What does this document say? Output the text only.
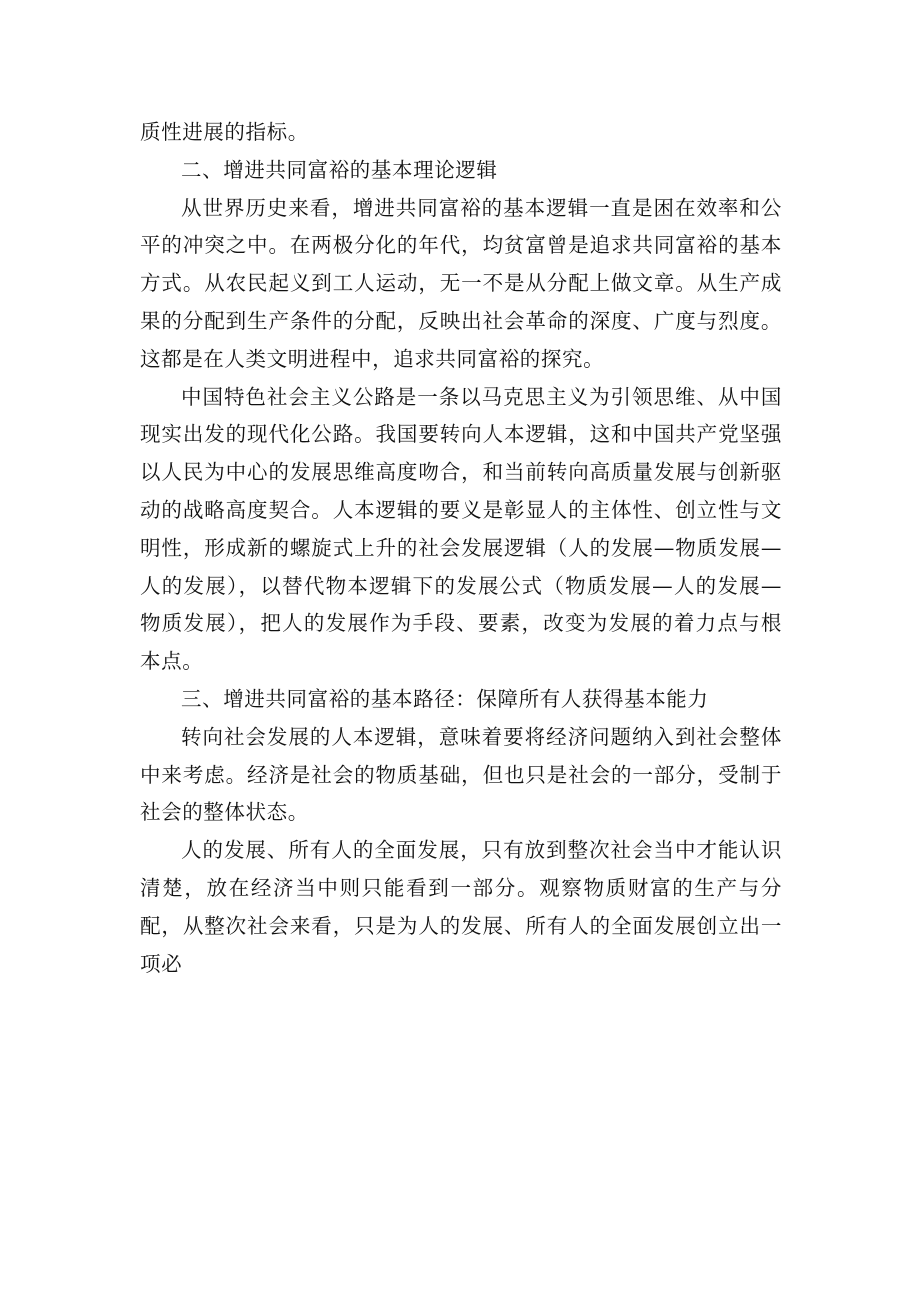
质性进展的指标。

二、增进共同富裕的基本理论逻辑

从世界历史来看，增进共同富裕的基本逻辑一直是困在效率和公平的冲突之中。在两极分化的年代，均贫富曾是追求共同富裕的基本方式。从农民起义到工人运动，无一不是从分配上做文章。从生产成果的分配到生产条件的分配，反映出社会革命的深度、广度与烈度。这都是在人类文明进程中，追求共同富裕的探究。

中国特色社会主义公路是一条以马克思主义为引领思维、从中国现实出发的现代化公路。我国要转向人本逻辑，这和中国共产党坚强以人民为中心的发展思维高度吻合，和当前转向高质量发展与创新驱动的战略高度契合。人本逻辑的要义是彰显人的主体性、创立性与文明性，形成新的螺旋式上升的社会发展逻辑（人的发展—物质发展—人的发展），以替代物本逻辑下的发展公式（物质发展—人的发展—物质发展），把人的发展作为手段、要素，改变为发展的着力点与根本点。

三、增进共同富裕的基本路径：保障所有人获得基本能力

转向社会发展的人本逻辑，意味着要将经济问题纳入到社会整体中来考虑。经济是社会的物质基础，但也只是社会的一部分，受制于社会的整体状态。

人的发展、所有人的全面发展，只有放到整次社会当中才能认识清楚，放在经济当中则只能看到一部分。观察物质财富的生产与分配，从整次社会来看，只是为人的发展、所有人的全面发展创立出一项必
